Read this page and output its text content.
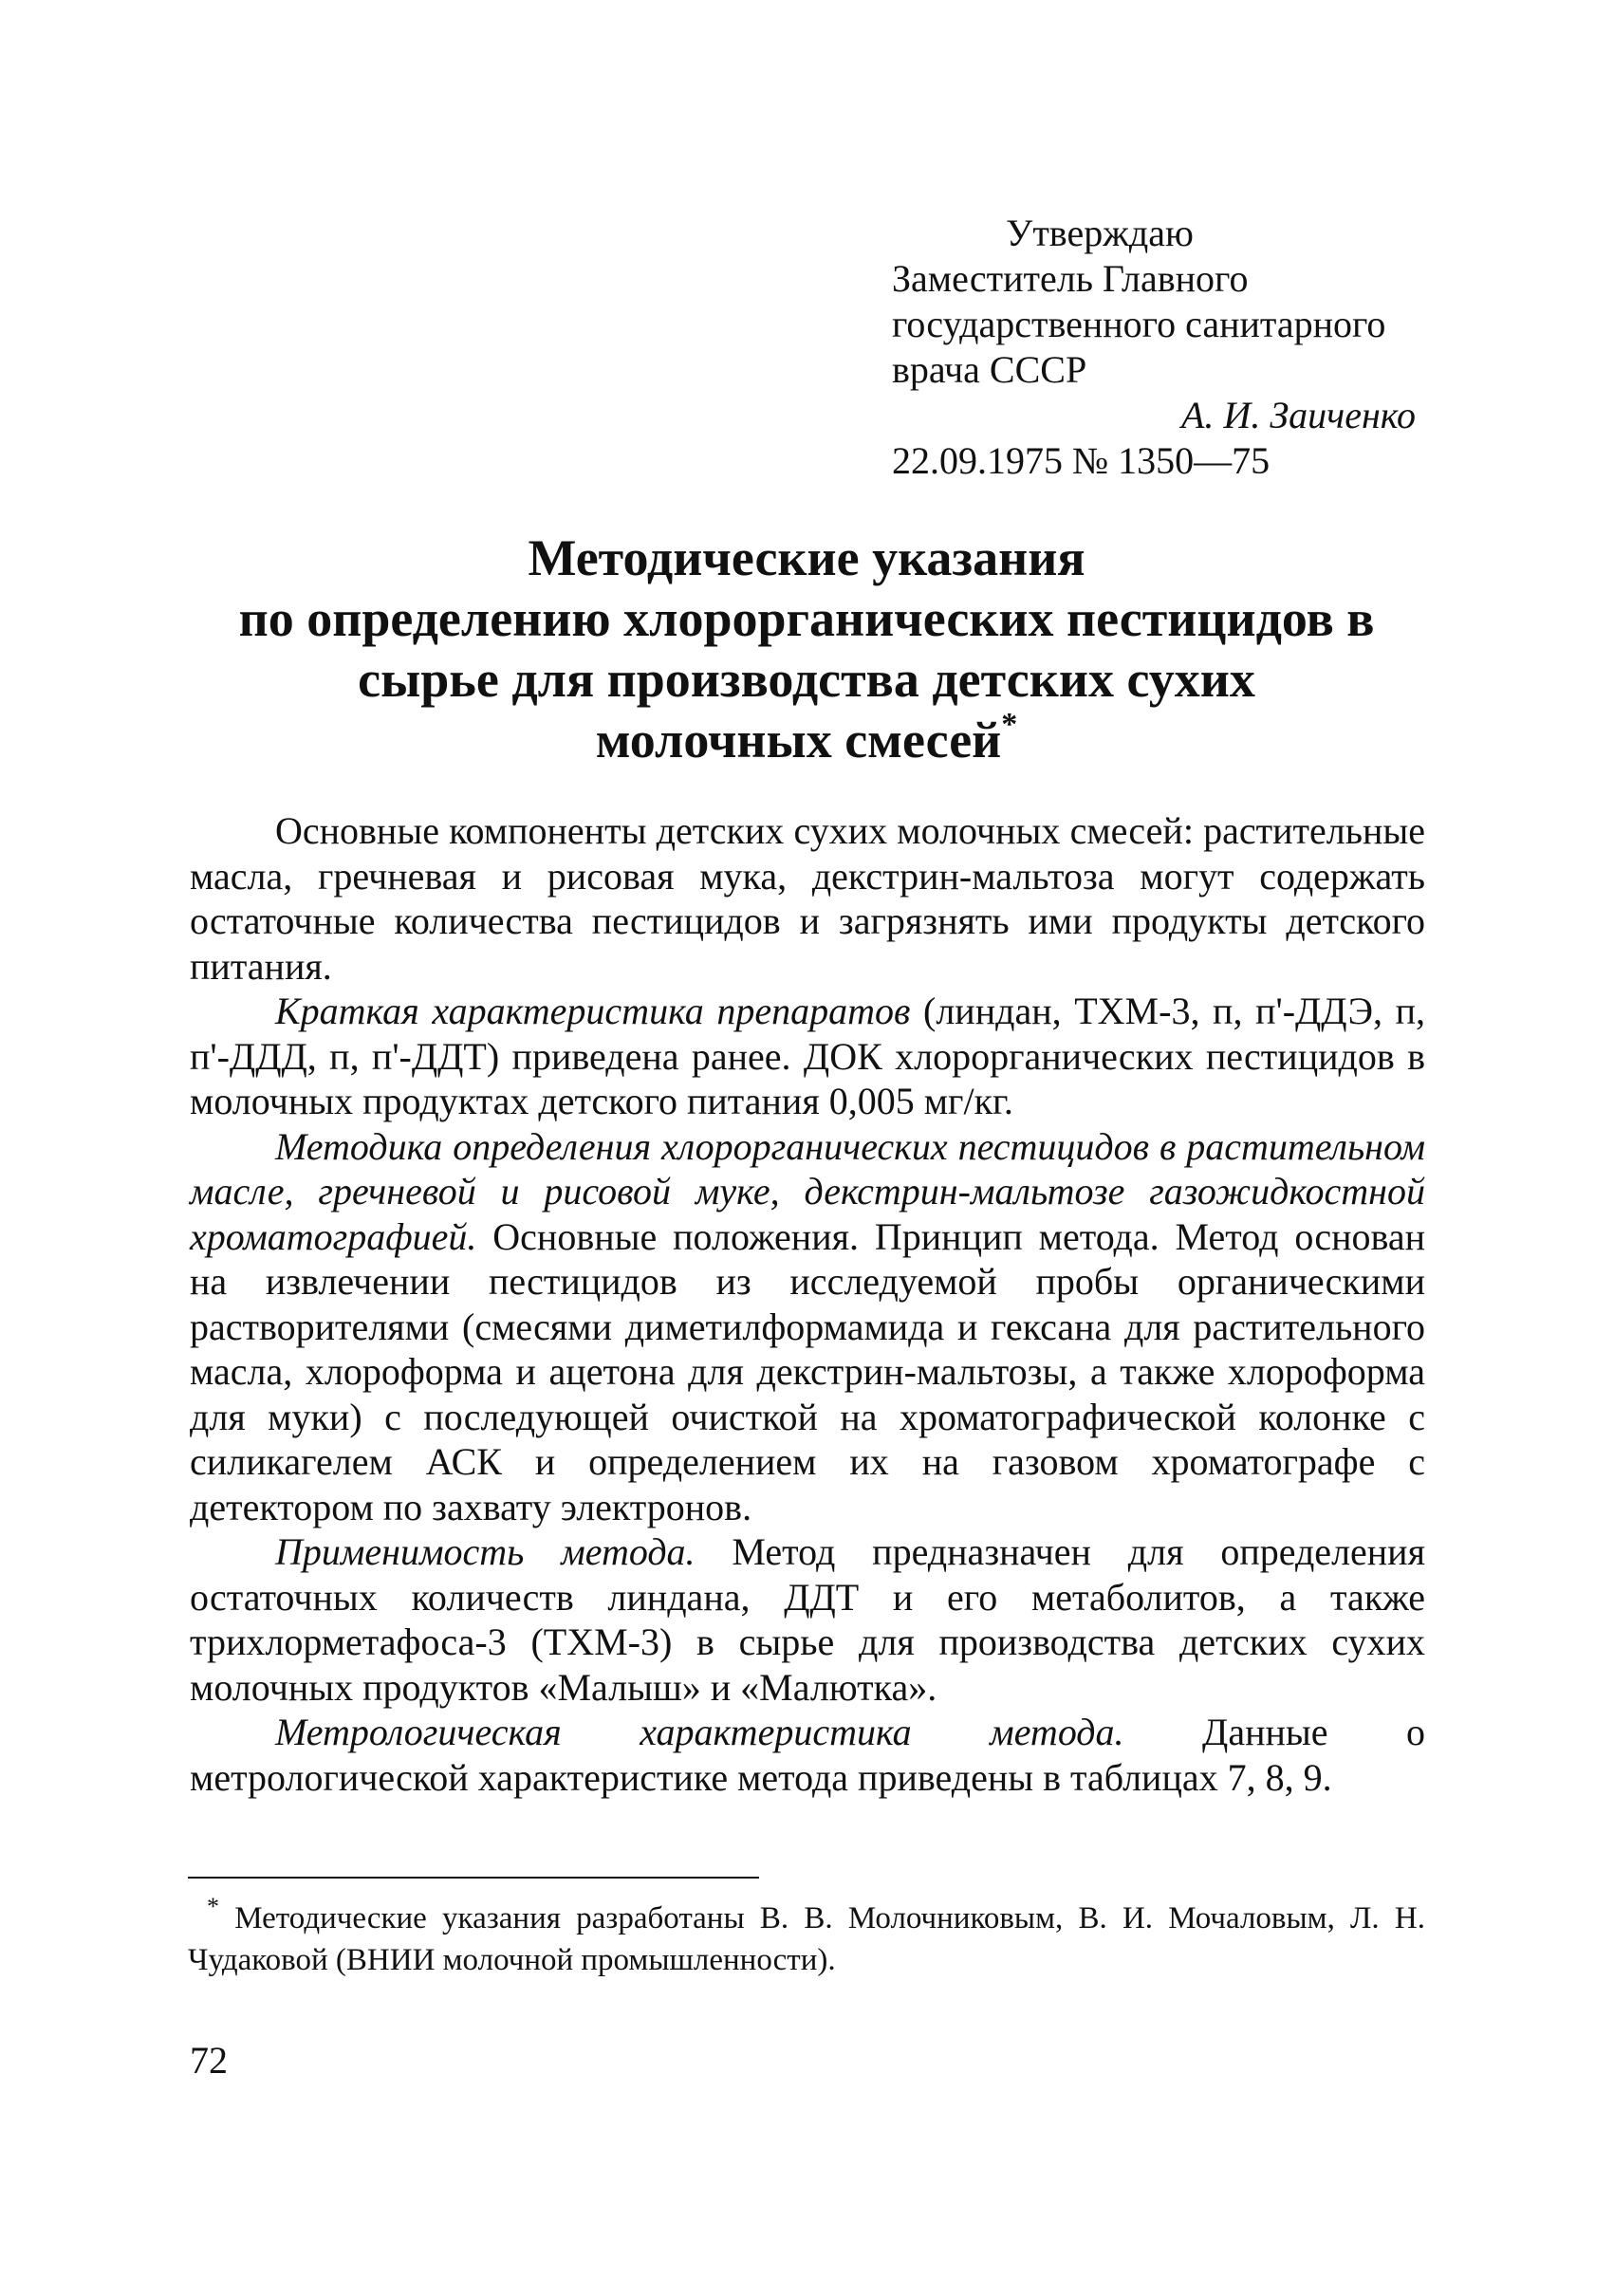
Утверждаю
Заместитель Главного
государственного санитарного
врача СССР
А. И. Заиченко
22.09.1975 № 1350—75
Методические указания
по определению хлорорганических пестицидов в
сырье для производства детских сухих
молочных смесей*

Основные компоненты детских сухих молочных смесей: растительные масла, гречневая и рисовая мука, декстрин-мальтоза могут содержать остаточные количества пестицидов и загрязнять ими продукты детского питания.

Краткая характеристика препаратов (линдан, ТХМ-3, п, п'-ДДЭ, п, п'-ДДД, п, п'-ДДТ) приведена ранее. ДОК хлорорганических пестицидов в молочных продуктах детского питания 0,005 мг/кг.

Методика определения хлорорганических пестицидов в растительном масле, гречневой и рисовой муке, декстрин-мальтозе газожидкостной хроматографией. Основные положения. Принцип метода. Метод основан на извлечении пестицидов из исследуемой пробы органическими растворителями (смесями диметилформамида и гексана для растительного масла, хлороформа и ацетона для декстрин-мальтозы, а также хлороформа для муки) с последующей очисткой на хроматографической колонке с силикагелем АСК и определением их на газовом хроматографе с детектором по захвату электронов.

Применимость метода. Метод предназначен для определения остаточных количеств линдана, ДДТ и его метаболитов, а также трихлорметафоса-3 (ТХМ-3) в сырье для производства детских сухих молочных продуктов «Малыш» и «Малютка».

Метрологическая характеристика метода. Данные о метрологической характеристике метода приведены в таблицах 7, 8, 9.

* Методические указания разработаны В. В. Молочниковым, В. И. Мочаловым, Л. Н. Чудаковой (ВНИИ молочной промышленности).
72
